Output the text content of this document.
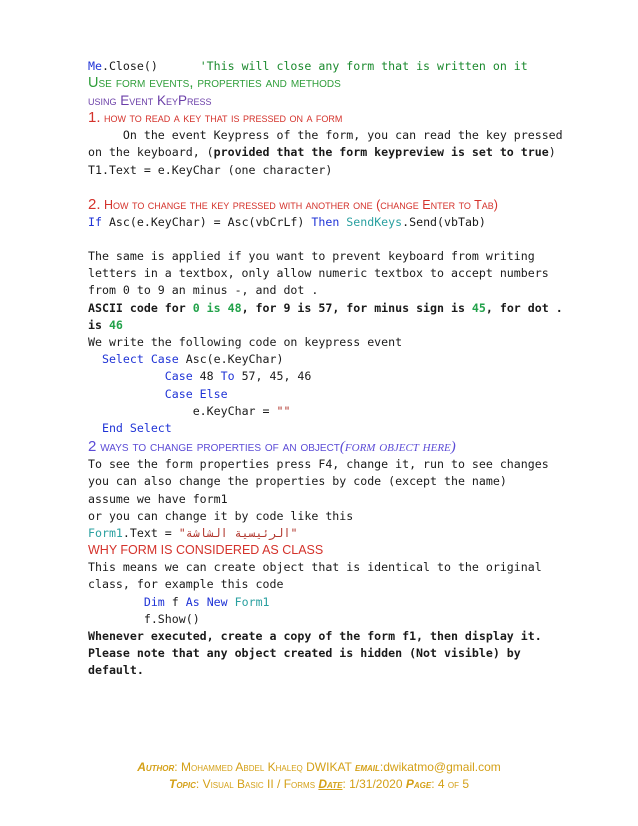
Me.Close()      'This will close any form that is written on it
Use form events, properties and methods
using Event KeyPress
1. how to read a key that is pressed on a form
On the event Keypress of the form, you can read the key pressed
on the keyboard, (provided that the form keypreview is set to true)
T1.Text = e.KeyChar (one character)
2. How to change the key pressed with another one (change Enter to Tab)
If Asc(e.KeyChar) = Asc(vbCrLf) Then SendKeys.Send(vbTab)
The same is applied if you want to prevent keyboard from writing
letters in a textbox, only allow numeric textbox to accept numbers
from 0 to 9 an minus -, and dot .
ASCII code for 0 is 48, for 9 is 57, for minus sign is 45, for dot .
is 46
We write the following code on keypress event
Select Case Asc(e.KeyChar)
Case 48 To 57, 45, 46
Case Else
e.KeyChar = ""
End Select
2 ways to change properties of an object(form object here)
To see the form properties press F4, change it, run to see changes
you can also change the properties by code (except the name)
assume we have form1
or you can change it by code like this
Form1.Text = "الرئيسية الشاشة"
WHY FORM IS CONSIDERED AS CLASS
This means we can create object that is identical to the original
class, for example this code
Dim f As New Form1
f.Show()
Whenever executed, create a copy of the form f1, then display it.
Please note that any object created is hidden (Not visible) by
default.
Author: Mohammed Abdel Khaleq DWIKAT email:dwikatmo@gmail.com
Topic: Visual Basic II / Forms Date: 1/31/2020 Page: 4 of 5
